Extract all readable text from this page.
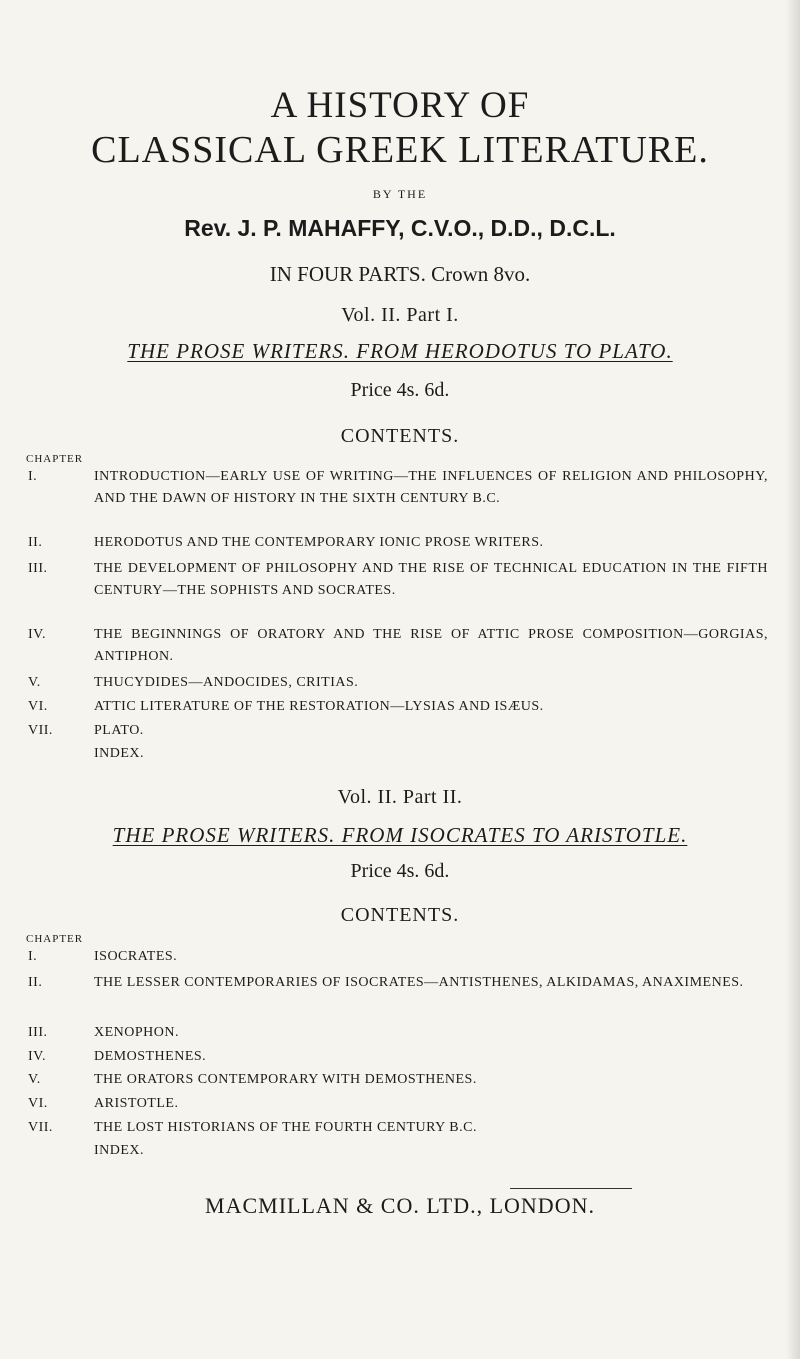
A HISTORY OF
CLASSICAL GREEK LITERATURE.
BY THE
Rev. J. P. MAHAFFY, C.V.O., D.D., D.C.L.
IN FOUR PARTS. Crown 8vo.
Vol. II. Part I.
THE PROSE WRITERS. FROM HERODOTUS TO PLATO.
Price 4s. 6d.
CONTENTS.
CHAPTER
I.	INTRODUCTION—EARLY USE OF WRITING—THE INFLUENCES OF RELIGION AND PHILOSOPHY, AND THE DAWN OF HISTORY IN THE SIXTH CENTURY B.C.
II.	HERODOTUS AND THE CONTEMPORARY IONIC PROSE WRITERS.
III.	THE DEVELOPMENT OF PHILOSOPHY AND THE RISE OF TECHNICAL EDUCATION IN THE FIFTH CENTURY—THE SOPHISTS AND SOCRATES.
IV.	THE BEGINNINGS OF ORATORY AND THE RISE OF ATTIC PROSE COMPOSITION—GORGIAS, ANTIPHON.
V.	THUCYDIDES—ANDOCIDES, CRITIAS.
VI.	ATTIC LITERATURE OF THE RESTORATION—LYSIAS AND ISÆUS.
VII.	PLATO.
INDEX.
Vol. II. Part II.
THE PROSE WRITERS. FROM ISOCRATES TO ARISTOTLE.
Price 4s. 6d.
CONTENTS.
CHAPTER
I.	ISOCRATES.
II.	THE LESSER CONTEMPORARIES OF ISOCRATES—ANTISTHENES, ALKIDAMAS, ANAXIMENES.
III.	XENOPHON.
IV.	DEMOSTHENES.
V.	THE ORATORS CONTEMPORARY WITH DEMOSTHENES.
VI.	ARISTOTLE.
VII.	THE LOST HISTORIANS OF THE FOURTH CENTURY B.C.
INDEX.
MACMILLAN & CO. LTD., LONDON.
